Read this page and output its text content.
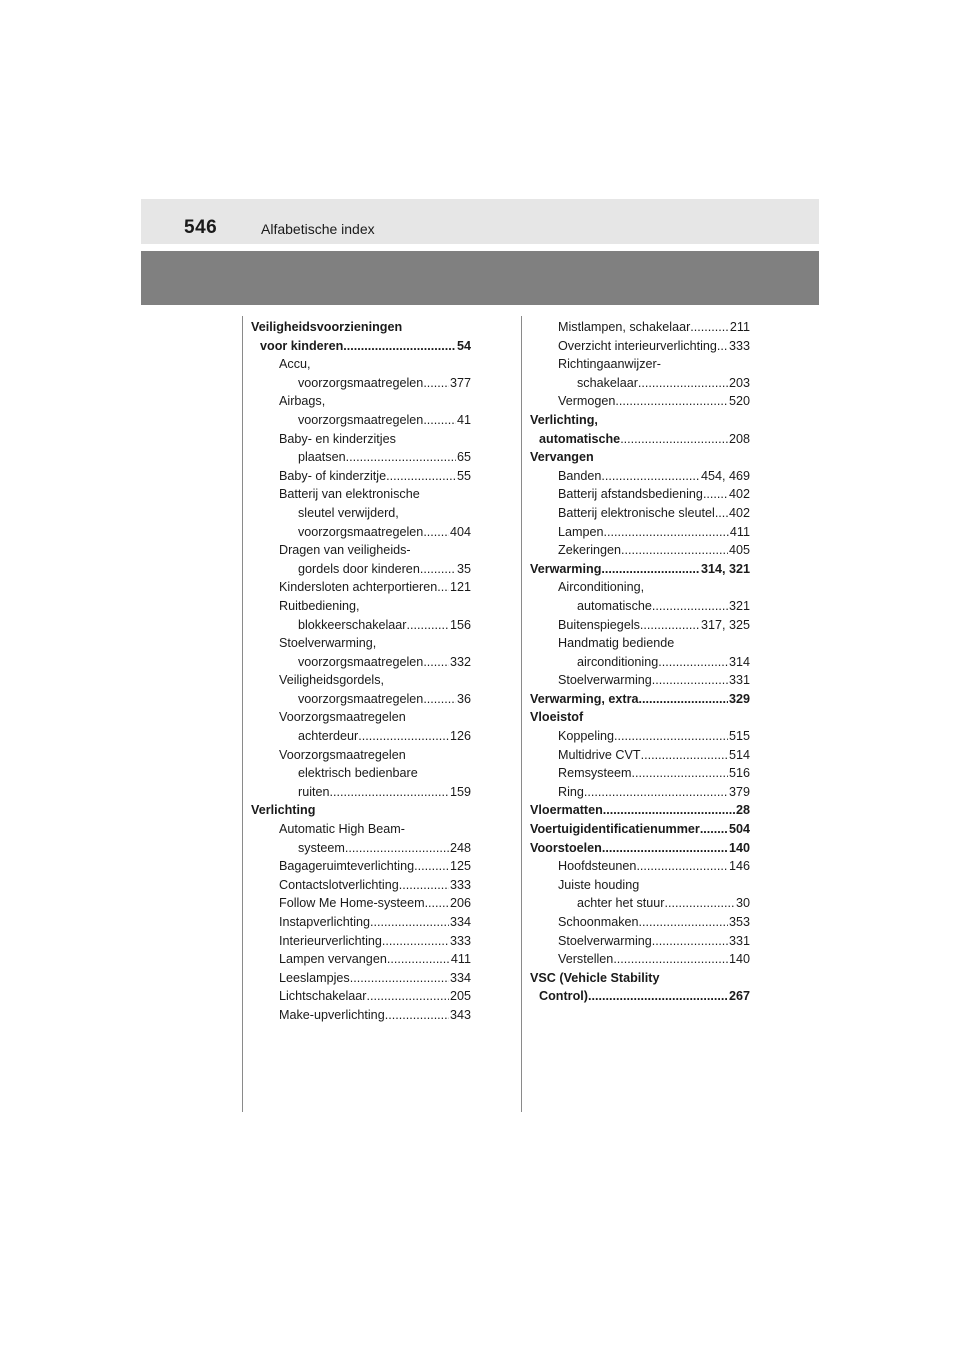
546	Alfabetische index
Veiligheidsvoorzieningen
voor kinderen .....	54
Accu,
voorzorgsmaatregelen ..... 377
Airbags,
voorzorgsmaatregelen .....	41
Baby- en kinderzitjes
plaatsen .....	65
Baby- of kinderzitje .....	55
Batterij van elektronische
sleutel verwijderd,
voorzorgsmaatregelen ..... 404
Dragen van veiligheids-
gordels door kinderen .....	35
Kindersloten achterportieren ..... 121
Ruitbediening,
blokkeerschakelaar .....	156
Stoelverwarming,
voorzorgsmaatregelen ..... 332
Veiligheidsgordels,
voorzorgsmaatregelen .....	36
Voorzorgsmaatregelen
achterdeur .....	126
Voorzorgsmaatregelen
elektrisch bedienbare
ruiten .....	159
Verlichting
Automatic High Beam-
systeem .....	248
Bagageruimteverlichting .....	125
Contactslotverlichting .....	333
Follow Me Home-systeem ..... 206
Instapverlichting .....	334
Interieurverlichting .....	333
Lampen vervangen .....	411
Leeslampjes .....	334
Lichtschakelaar .....	205
Make-upverlichting .....	343
Mistlampen, schakelaar .....	211
Overzicht interieurverlichting ..... 333
Richtingaanwijzer-
schakelaar .....	203
Vermogen .....	520
Verlichting,
automatische .....	208
Vervangen
Banden .....	454, 469
Batterij afstandsbediening ..... 402
Batterij elektronische sleutel ..... 402
Lampen .....	411
Zekeringen .....	405
Verwarming .....	314, 321
Airconditioning,
automatische .....	321
Buitenspiegels .....	317, 325
Handmatig bediende
airconditioning .....	314
Stoelverwarming .....	331
Verwarming, extra .....	329
Vloeistof
Koppeling .....	515
Multidrive CVT .....	514
Remsysteem .....	516
Ring .....	379
Vloermatten .....	28
Voertuigidentificatienummer ..... 504
Voorstoelen .....	140
Hoofdsteunen .....	146
Juiste houding
achter het stuur .....	30
Schoonmaken .....	353
Stoelverwarming .....	331
Verstellen .....	140
VSC (Vehicle Stability
Control) .....	267
